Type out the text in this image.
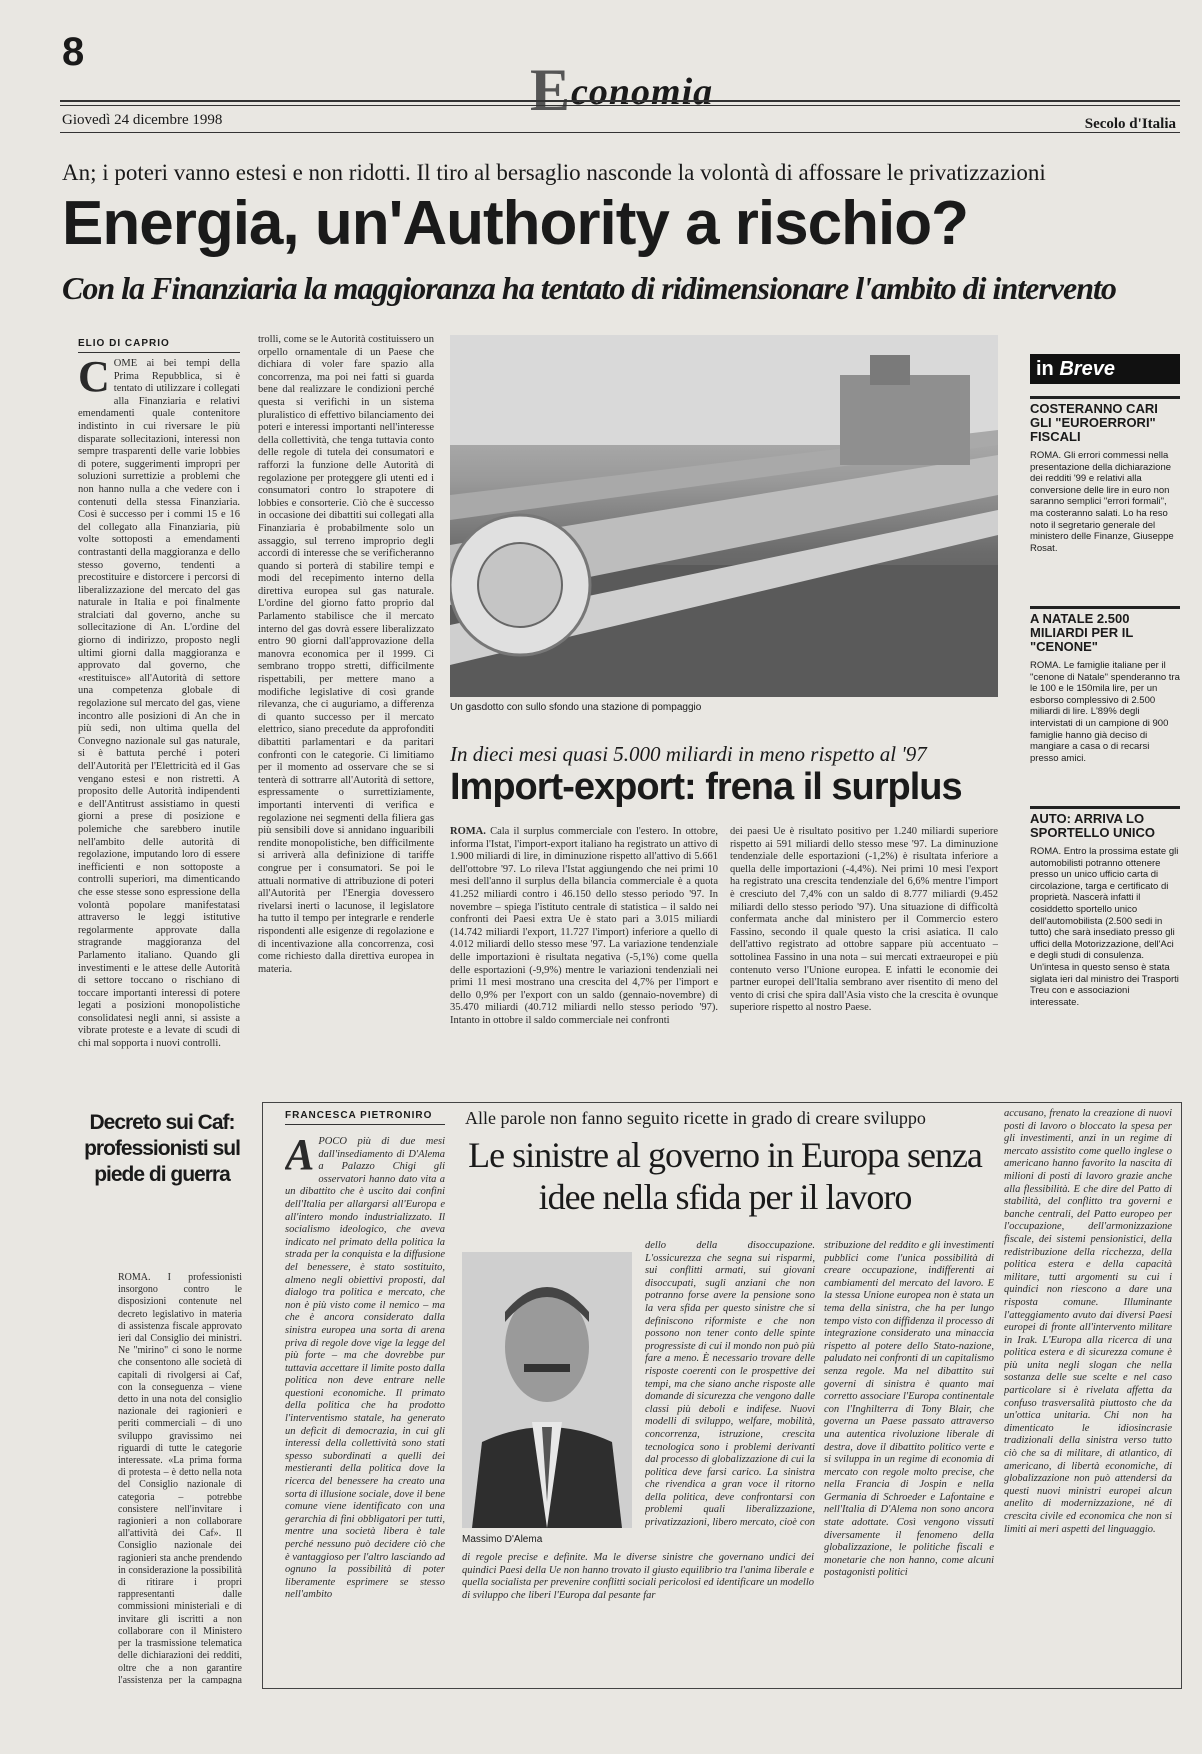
8
Economia
Giovedì 24 dicembre 1998	Secolo d'Italia
An; i poteri vanno estesi e non ridotti. Il tiro al bersaglio nasconde la volontà di affossare le privatizzazioni
Energia, un'Authority a rischio?
Con la Finanziaria la maggioranza ha tentato di ridimensionare l'ambito di intervento
ELIO DI CAPRIO
COME ai bei tempi della Prima Repubblica, si è tentato di utilizzare i collegati alla Finanziaria e relativi emendamenti quale contenitore indistinto in cui riversare le più disparate sollecitazioni, interessi non sempre trasparenti delle varie lobbies di potere, suggerimenti impropri per soluzioni surrettizie a problemi che non hanno nulla a che vedere con i contenuti della stessa Finanziaria. Così è successo per i commi 15 e 16 del collegato alla Finanziaria, più volte sottoposti a emendamenti contrastanti della maggioranza e dello stesso governo, tendenti a precostituire e distorcere i percorsi di liberalizzazione del mercato del gas naturale in Italia e poi finalmente stralciati dal governo, anche su sollecitazione di An. L'ordine del giorno di indirizzo, proposto negli ultimi giorni dalla maggioranza e approvato dal governo, che «restituisce» all'Autorità di settore una competenza globale di regolazione sul mercato del gas, viene incontro alle posizioni di An che in più sedi, non ultima quella del Convegno nazionale sul gas naturale, si è battuta perché i poteri dell'Autorità per l'Elettricità ed il Gas vengano estesi e non ristretti. A proposito delle Autorità indipendenti e dell'Antitrust assistiamo in questi giorni a prese di posizione e polemiche che sarebbero inutile nell'ambito delle autorità di regolazione, imputando loro di essere inefficienti e non sottoposte a controlli superiori, ma dimenticando che esse stesse sono espressione della volontà popolare manifestatasi attraverso le leggi istitutive regolarmente approvate dalla stragrande maggioranza del Parlamento italiano. Quando gli investimenti e le attese delle Autorità di settore toccano o rischiano di toccare importanti interessi di potere legati a posizioni monopolistiche consolidatesi negli anni, si assiste a vibrate proteste e a levate di scudi di chi mal sopporta i nuovi controlli.
trolli, come se le Autorità costituissero un orpello ornamentale di un Paese che dichiara di voler fare spazio alla concorrenza, ma poi nei fatti si guarda bene dal realizzare le condizioni perché questa si verifichi in un sistema pluralistico di effettivo bilanciamento dei poteri e interessi importanti nell'interesse della collettività, che tenga tuttavia conto delle regole di tutela dei consumatori e rafforzi la funzione delle Autorità di regolazione per proteggere gli utenti ed i consumatori contro lo strapotere di lobbies e consorterie. Ciò che è successo in occasione dei dibattiti sui collegati alla Finanziaria è probabilmente solo un assaggio, sul terreno improprio degli accordi di interesse che se verificheranno quando si porterà di stabilire tempi e modi del recepimento interno della direttiva europea sul gas naturale. L'ordine del giorno fatto proprio dal Parlamento stabilisce che il mercato interno del gas dovrà essere liberalizzato entro 90 giorni dall'approvazione della manovra economica per il 1999. Ci sembrano troppo stretti, difficilmente rispettabili, per mettere mano a modifiche legislative di così grande rilevanza, che ci auguriamo, a differenza di quanto successo per il mercato elettrico, siano precedute da approfonditi dibattiti parlamentari e da paritari confronti con le categorie. Ci limitiamo per il momento ad osservare che se si tenterà di sottrarre all'Autorità di settore, espressamente o surrettiziamente, importanti interventi di verifica e regolazione nei segmenti della filiera gas più sensibili dove si annidano inguaribili rendite monopolistiche, ben difficilmente si arriverà alla definizione di tariffe congrue per i consumatori. Se poi le attuali normative di attribuzione di poteri all'Autorità per l'Energia dovessero rivelarsi inerti o lacunose, il legislatore ha tutto il tempo per integrarle e renderle rispondenti alle esigenze di regolazione e di incentivazione alla concorrenza, così come richiesto dalla direttiva europea in materia.
Un gasdotto con sullo sfondo una stazione di pompaggio
In dieci mesi quasi 5.000 miliardi in meno rispetto al '97
Import-export: frena il surplus
ROMA. Cala il surplus commerciale con l'estero. In ottobre, informa l'Istat, l'import-export italiano ha registrato un attivo di 1.900 miliardi di lire, in diminuzione rispetto all'attivo di 5.661 dell'ottobre '97. Lo rileva l'Istat aggiungendo che nei primi 10 mesi dell'anno il surplus della bilancia commerciale è a quota 41.252 miliardi contro i 46.150 dello stesso periodo '97. In novembre – spiega l'istituto centrale di statistica – il saldo nei confronti dei Paesi extra Ue è stato pari a 3.015 miliardi (14.742 miliardi l'export, 11.727 l'import) inferiore a quello di 4.012 miliardi dello stesso mese '97. La variazione tendenziale delle importazioni è risultata negativa (-5,1%) come quella delle esportazioni (-9,9%) mentre le variazioni tendenziali nei primi 11 mesi mostrano una crescita del 4,7% per l'import e dello 0,9% per l'export con un saldo (gennaio-novembre) di 35.470 miliardi (40.712 miliardi nello stesso periodo '97). Intanto in ottobre il saldo commerciale nei confronti
dei paesi Ue è risultato positivo per 1.240 miliardi superiore rispetto ai 591 miliardi dello stesso mese '97. La diminuzione tendenziale delle esportazioni (-1,2%) è risultata inferiore a quella delle importazioni (-4,4%). Nei primi 10 mesi l'export ha registrato una crescita tendenziale del 6,6% mentre l'import è cresciuto del 7,4% con un saldo di 8.777 miliardi (9.452 miliardi dello stesso periodo '97). Una situazione di difficoltà confermata anche dal ministero per il Commercio estero Fassino, secondo il quale questo la crisi asiatica. Il calo dell'attivo registrato ad ottobre sappare più accentuato – sottolinea Fassino in una nota – sui mercati extraeuropei e più contenuto verso l'Unione europea. E infatti le economie dei partner europei dell'Italia sembrano aver risentito di meno del vento di crisi che spira dall'Asia visto che la crescita è ovunque superiore rispetto al nostro Paese.
in Breve
COSTERANNO CARI GLI "EUROERRORI" FISCALI
ROMA. Gli errori commessi nella presentazione della dichiarazione dei redditi '99 e relativi alla conversione delle lire in euro non saranno semplici "errori formali", ma costeranno salati. Lo ha reso noto il segretario generale del ministero delle Finanze, Giuseppe Rosat.
A NATALE 2.500 MILIARDI PER IL "CENONE"
ROMA. Le famiglie italiane per il "cenone di Natale" spenderanno tra le 100 e le 150mila lire, per un esborso complessivo di 2.500 miliardi di lire. L'89% degli intervistati di un campione di 900 famiglie hanno già deciso di mangiare a casa o di recarsi presso amici.
AUTO: ARRIVA LO SPORTELLO UNICO
ROMA. Entro la prossima estate gli automobilisti potranno ottenere presso un unico ufficio carta di circolazione, targa e certificato di proprietà. Nascerà infatti il cosiddetto sportello unico dell'automobilista (2.500 sedi in tutto) che sarà insediato presso gli uffici della Motorizzazione, dell'Aci e degli studi di consulenza. Un'intesa in questo senso è stata siglata ieri dal ministro dei Trasporti Treu con e associazioni interessate.
Decreto sui Caf: professionisti sul piede di guerra
ROMA. I professionisti insorgono contro le disposizioni contenute nel decreto legislativo in materia di assistenza fiscale approvato ieri dal Consiglio dei ministri. Ne "mirino" ci sono le norme che consentono alle società di capitali di rivolgersi ai Caf, con la conseguenza – viene detto in una nota del consiglio nazionale dei ragionieri e periti commerciali – di uno sviluppo gravissimo nei riguardi di tutte le categorie interessate. «La prima forma di protesta – è detto nella nota del Consiglio nazionale di categoria – potrebbe consistere nell'invitare i ragionieri a non collaborare all'attività dei Caf». Il Consiglio nazionale dei ragionieri sta anche prendendo in considerazione la possibilità di ritirare i propri rappresentanti dalle commissioni ministeriali e di invitare gli iscritti a non collaborare con il Ministero per la trasmissione telematica delle dichiarazioni dei redditi, oltre che a non garantire l'assistenza per la campagna
FRANCESCA PIETRONIRO	Alle parole non fanno seguito ricette in grado di creare sviluppo
Le sinistre al governo in Europa senza idee nella sfida per il lavoro
APOCO più di due mesi dall'insediamento di D'Alema a Palazzo Chigi gli osservatori hanno dato vita a un dibattito che è uscito dai confini dell'Italia per allargarsi all'Europa e all'intero mondo industrializzato. Il socialismo ideologico, che aveva indicato nel primato della politica la strada per la conquista e la diffusione del benessere, è stato sostituito, almeno negli obiettivi proposti, dal dialogo tra politica e mercato, che non è più visto come il nemico – ma che è ancora considerato dalla sinistra europea una sorta di arena priva di regole dove vige la legge del più forte – ma che dovrebbe pur tuttavia accettare il limite posto dalla politica non deve entrare nelle questioni economiche. Il primato della politica che ha prodotto l'interventismo statale, ha generato un deficit di democrazia, in cui gli interessi della collettività sono stati spesso subordinati a quelli dei mestieranti della politica dove la ricerca del benessere ha creato una sorta di illusione sociale, dove il bene comune viene identificato con una gerarchia di fini obbligatori per tutti, mentre una società libera è tale perché nessuno può decidere ciò che è vantaggioso per l'altro lasciando ad ognuno la possibilità di poter liberamente esprimere se stesso nell'ambito
Massimo D'Alema
dello della disoccupazione. L'ossicurezza che segna sui risparmi, sui conflitti armati, sui giovani disoccupati, sugli anziani che non potranno forse avere la pensione sono la vera sfida per questo sinistre che si definiscono riformiste e che non possono non tener conto delle spinte progressiste di cui il mondo non può più fare a meno. È necessario trovare delle risposte coerenti con le prospettive dei tempi, ma che siano anche risposte alle domande di sicurezza che vengono dalle classi più deboli e indifese. Nuovi modelli di sviluppo, welfare, mobilità, concorrenza, istruzione, crescita tecnologica sono i problemi derivanti dal processo di globalizzazione di cui la politica deve farsi carico. La sinistra che rivendica a gran voce il ritorno della politica, deve confrontarsi con problemi quali liberalizzazione, privatizzazioni, libero mercato, cioè con
di regole precise e definite. Ma le diverse sinistre che governano undici dei quindici Paesi della Ue non hanno trovato il giusto equilibrio tra l'anima liberale e quella socialista per prevenire conflitti sociali pericolosi ed identificare un modello di sviluppo che liberi l'Europa dal pesante far
stribuzione del reddito e gli investimenti pubblici come l'unica possibilità di creare occupazione, indifferenti ai cambiamenti del mercato del lavoro. E la stessa Unione europea non è stata un tema della sinistra, che ha per lungo tempo visto con diffidenza il processo di integrazione considerato una minaccia rispetto al potere dello Stato-nazione, paludato nei confronti di un capitalismo senza regole. Ma nel dibattito sui governi di sinistra è quanto mai corretto associare l'Europa continentale con l'Inghilterra di Tony Blair, che governa un Paese passato attraverso una autentica rivoluzione liberale di destra, dove il dibattito politico verte e si sviluppa in un regime di economia di mercato con regole molto precise, che nella Francia di Jospin e nella Germania di Schroeder e Lafontaine e nell'Italia di D'Alema non sono ancora state adottate. Così vengono vissuti diversamente il fenomeno della globalizzazione, le politiche fiscali e monetarie che non hanno, come alcuni postagonisti politici
accusano, frenato la creazione di nuovi posti di lavoro o bloccato la spesa per gli investimenti, anzi in un regime di mercato assistito come quello inglese o americano hanno favorito la nascita di milioni di posti di lavoro grazie anche alla flessibilità. E che dire del Patto di stabilità, del conflitto tra governi e banche centrali, del Patto europeo per l'occupazione, dell'armonizzazione fiscale, dei sistemi pensionistici, della redistribuzione della ricchezza, della politica estera e della capacità militare, tutti argomenti su cui i quindici non riescono a dare una risposta comune. Illuminante l'atteggiamento avuto dai diversi Paesi europei di fronte all'intervento militare in Irak. L'Europa alla ricerca di una politica estera e di sicurezza comune è più unita negli slogan che nella sostanza delle sue scelte e nel caso particolare si è rivelata affetta da confuso trasversalità piuttosto che da un'ottica unitaria. Chi non ha dimenticato le idiosincrasie tradizionali della sinistra verso tutto ciò che sa di militare, di atlantico, di americano, di libertà economiche, di globalizzazione non può attendersi da questi nuovi ministri europei alcun anelito di modernizzazione, né di crescita civile ed economica che non si limiti ai meri aspetti del linguaggio.
